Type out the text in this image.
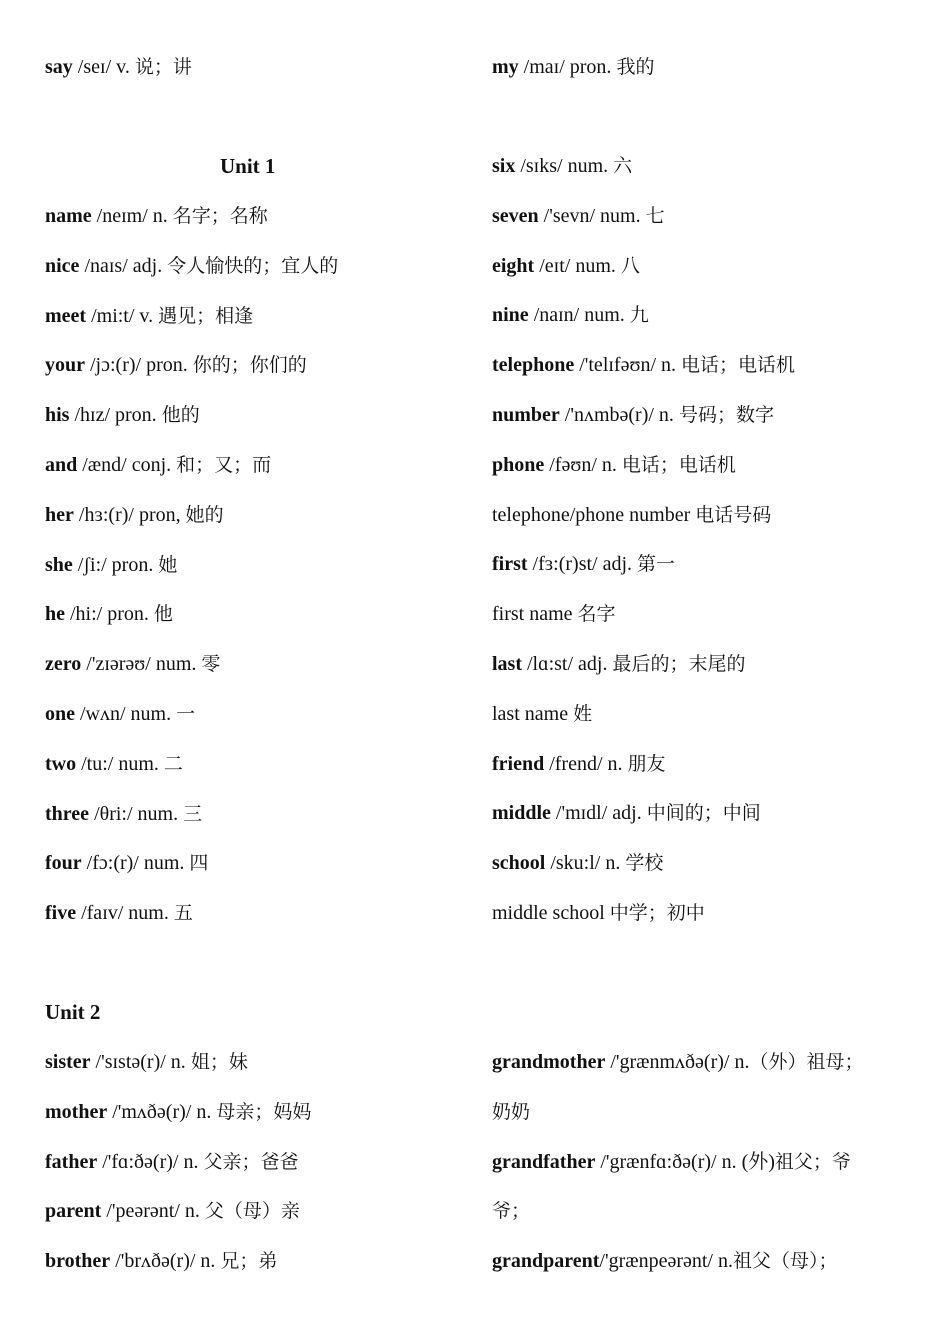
say /seɪ/ v. 说；讲	my /maɪ/ pron. 我的
Unit 1
name /neɪm/ n. 名字；名称
nice /naɪs/ adj. 令人愉快的；宜人的
meet /mi:t/ v. 遇见；相逢
your /jɔ:(r)/ pron. 你的；你们的
his /hɪz/ pron. 他的
and /ænd/ conj. 和；又；而
her /hɜ:(r)/ pron, 她的
she /ʃi:/ pron. 她
he /hi:/ pron. 他
zero /'zɪərəʊ/ num. 零
one /wʌn/ num. 一
two /tu:/ num. 二
three /θri:/ num. 三
four /fɔ:(r)/ num. 四
five /faɪv/ num. 五
six /sɪks/ num. 六
seven /'sevn/ num. 七
eight /eɪt/ num. 八
nine /naɪn/ num. 九
telephone /'telɪfəʊn/ n. 电话；电话机
number /'nʌmbə(r)/ n. 号码；数字
phone /fəʊn/ n. 电话；电话机
telephone/phone number 电话号码
first /fɜ:(r)st/ adj. 第一
first name 名字
last /lɑ:st/ adj. 最后的；末尾的
last name 姓
friend /frend/ n. 朋友
middle /'mɪdl/ adj. 中间的；中间
school /sku:l/ n. 学校
middle school 中学；初中
Unit 2
sister /'sɪstə(r)/ n. 姐；妹
mother /'mʌðə(r)/ n. 母亲；妈妈
father /'fɑ:ðə(r)/ n. 父亲；爸爸
parent /'peərənt/ n. 父（母）亲
brother /'brʌðə(r)/ n. 兄；弟
grandmother /'grænmʌðə(r)/ n.（外）祖母；
奶奶
grandfather /'grænfɑ:ðə(r)/ n. (外)祖父；爷
爷；
grandparent/'grænpeərənt/ n.祖父（母）；
